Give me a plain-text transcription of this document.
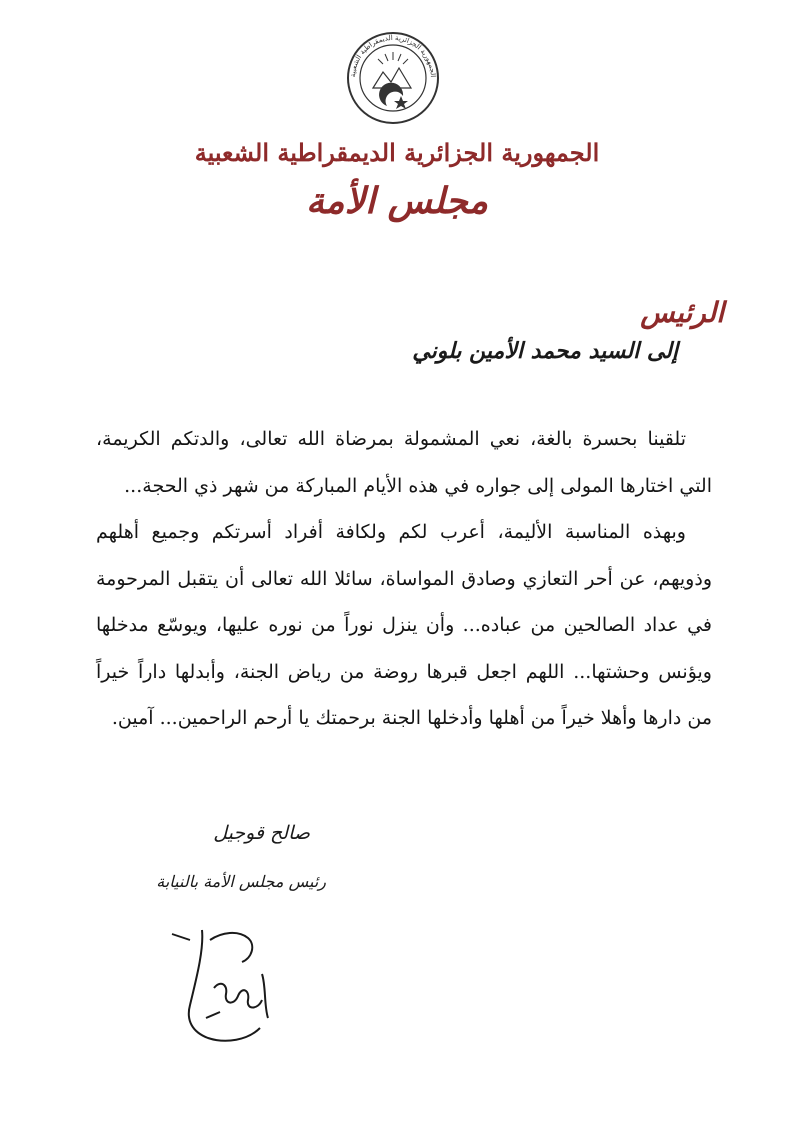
الجمهورية الجزائرية الديمقراطية الشعبية
الجمهورية الجزائرية الديمقراطية الشعبية
مجلس الأمة
الرئيس
إلى السيد محمد الأمين بلوني

تلقينا بحسرة بالغة، نعي المشمولة بمرضاة الله تعالى، والدتكم الكريمة، التي اختارها المولى إلى جواره في هذه الأيام المباركة من شهر ذي الحجة...

وبهذه المناسبة الأليمة، أعرب لكم ولكافة أفراد أسرتكم وجميع أهلهم وذويهم، عن أحر التعازي وصادق المواساة، سائلا الله تعالى أن يتقبل المرحومة في عداد الصالحين من عباده... وأن ينزل نوراً من نوره عليها، ويوسّع مدخلها ويؤنس وحشتها... اللهم اجعل قبرها روضة من رياض الجنة، وأبدلها داراً خيراً من دارها وأهلا خيراً من أهلها وأدخلها الجنة برحمتك يا أرحم الراحمين... آمين.

صالح قوجيل
رئيس مجلس الأمة بالنيابة
